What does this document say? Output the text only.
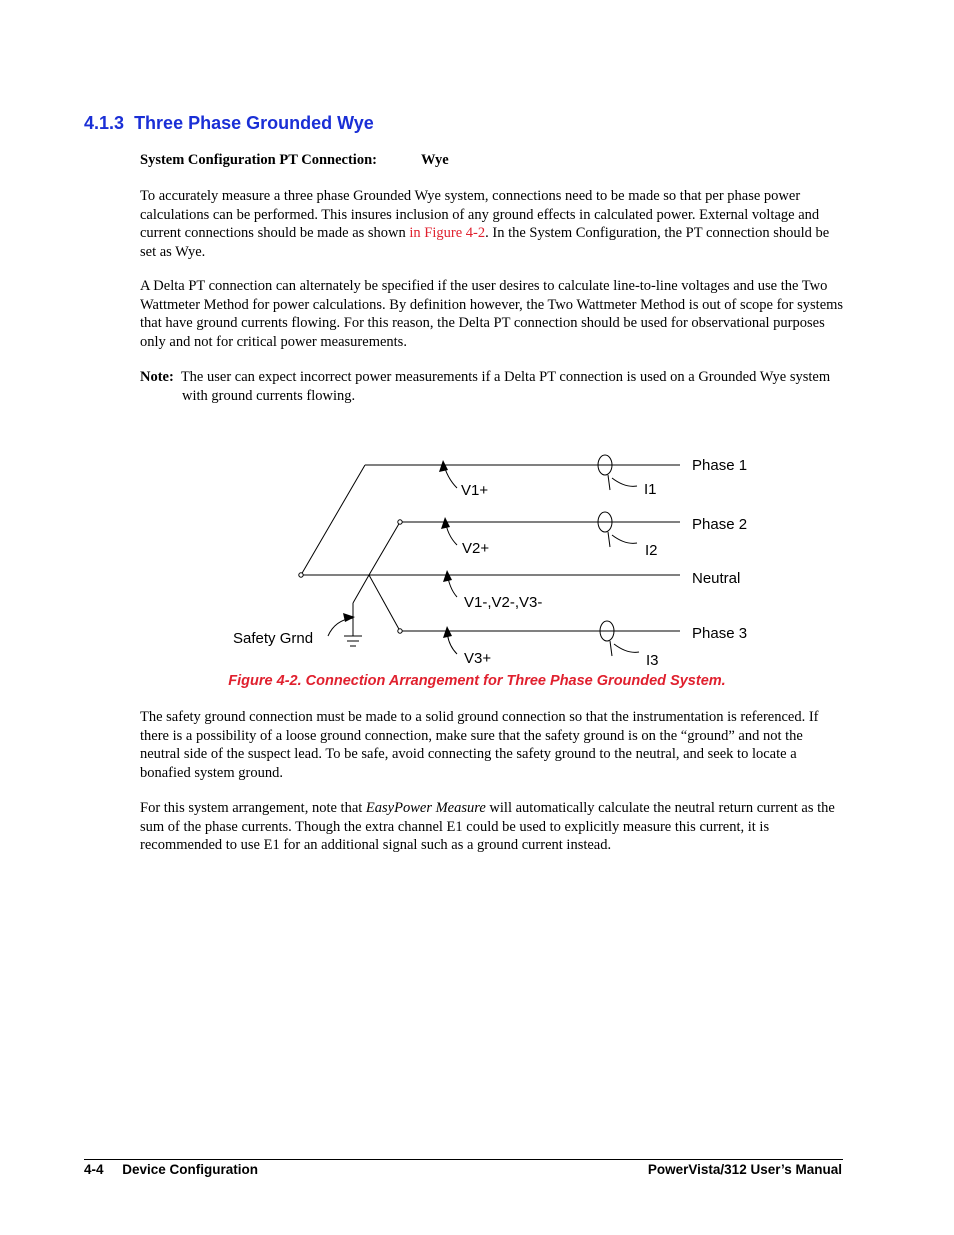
4.1.3 Three Phase Grounded Wye
System Configuration PT Connection:	Wye

To accurately measure a three phase Grounded Wye system, connections need to be made so that per phase power calculations can be performed. This insures inclusion of any ground effects in calculated power. External voltage and current connections should be made as shown in Figure 4-2. In the System Configuration, the PT connection should be set as Wye.

A Delta PT connection can alternately be specified if the user desires to calculate line-to-line voltages and use the Two Wattmeter Method for power calculations. By definition however, the Two Wattmeter Method is out of scope for systems that have ground currents flowing. For this reason, the Delta PT connection should be used for observational purposes only and not for critical power measurements.

Note: The user can expect incorrect power measurements if a Delta PT connection is used on a Grounded Wye system with ground currents flowing.

Phase 1
Phase 2
Neutral
Phase 3
V1+
V2+
V1-,V2-,V3-
V3+
I1
I2
I3
Safety Grnd
Figure 4-2. Connection Arrangement for Three Phase Grounded System.

The safety ground connection must be made to a solid ground connection so that the instrumentation is referenced. If there is a possibility of a loose ground connection, make sure that the safety ground is on the “ground” and not the neutral side of the suspect lead. To be safe, avoid connecting the safety ground to the neutral, and seek to locate a bonafied system ground.

For this system arrangement, note that EasyPower Measure will automatically calculate the neutral return current as the sum of the phase currents. Though the extra channel E1 could be used to explicitly measure this current, it is recommended to use E1 for an additional signal such as a ground current instead.

4-4     Device Configuration	PowerVista/312 User’s Manual
